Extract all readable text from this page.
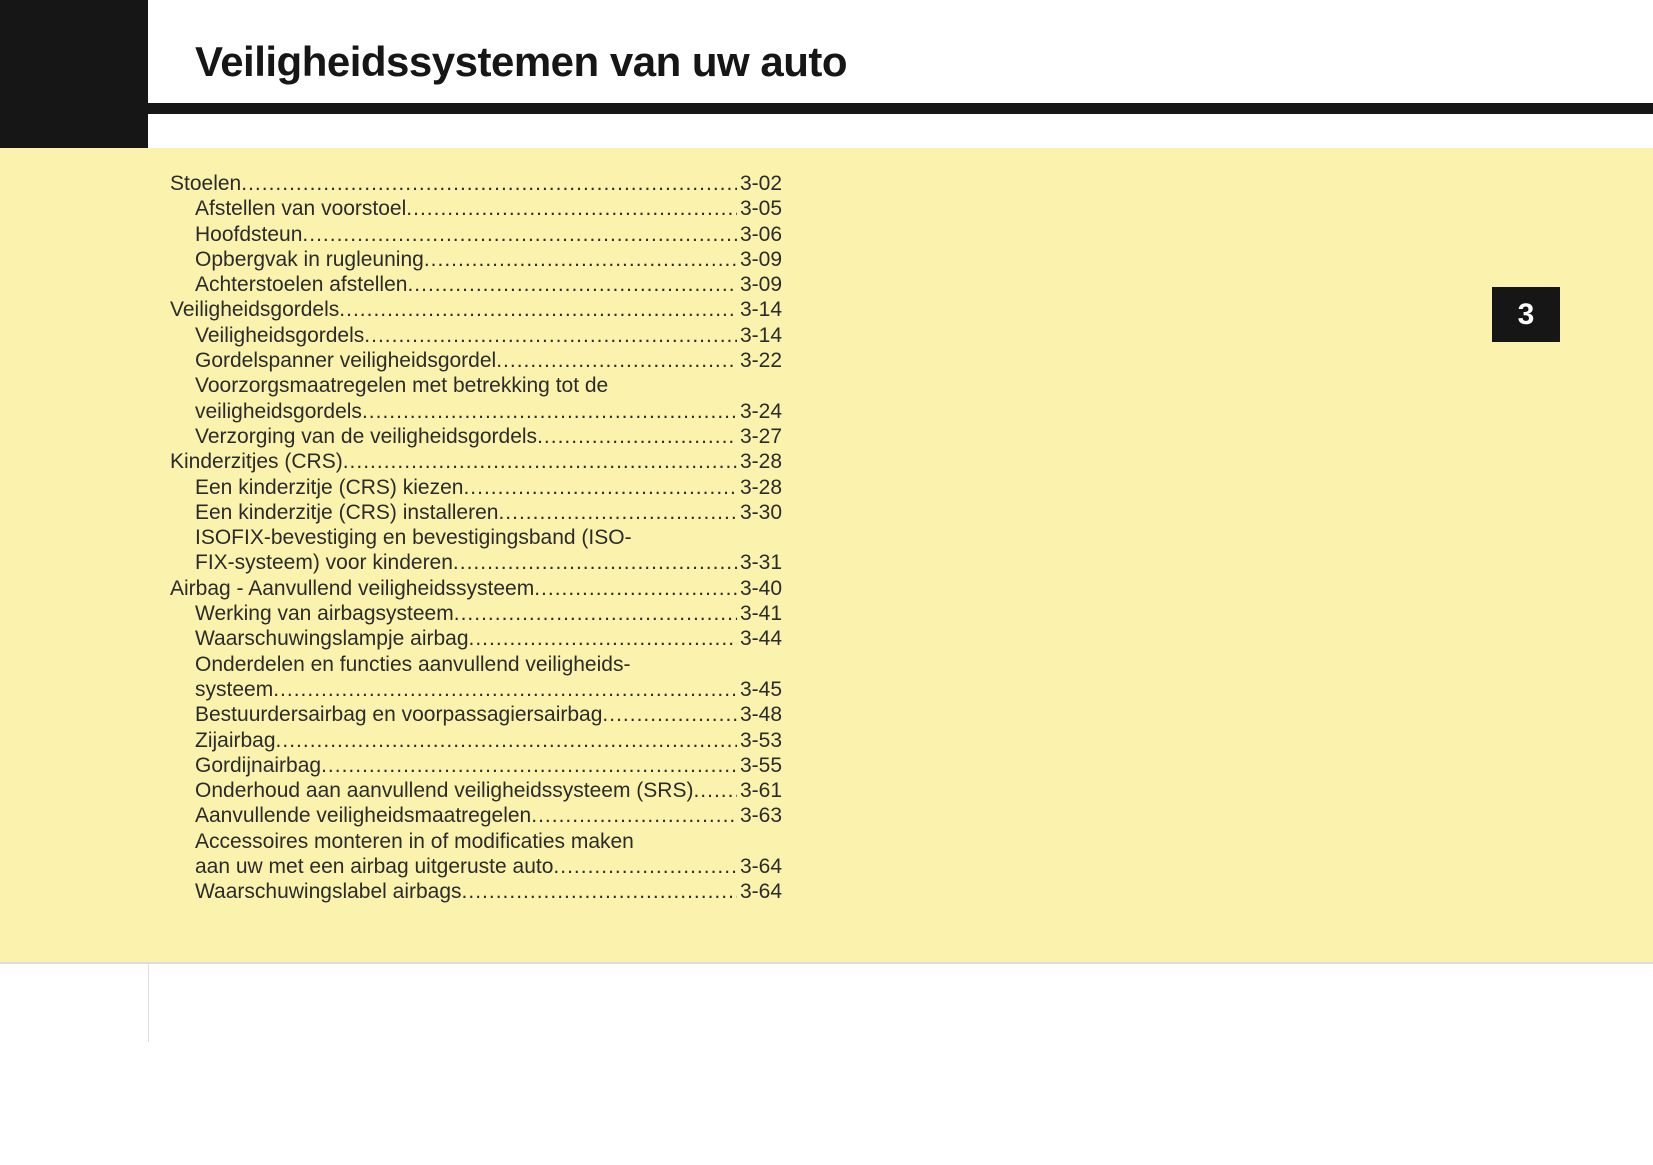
Veiligheidssystemen van uw auto
Stoelen .....	3-02
Afstellen van voorstoel .....	3-05
Hoofdsteun .....	3-06
Opbergvak in rugleuning .....	3-09
Achterstoelen afstellen .....	3-09
Veiligheidsgordels .....	3-14
Veiligheidsgordels .....	3-14
Gordelspanner veiligheidsgordel .....	3-22
Voorzorgsmaatregelen met betrekking tot de
veiligheidsgordels .....	3-24
Verzorging van de veiligheidsgordels .....	3-27
Kinderzitjes (CRS) .....	3-28
Een kinderzitje (CRS) kiezen .....	3-28
Een kinderzitje (CRS) installeren .....	3-30
ISOFIX-bevestiging en bevestigingsband (ISO-
FIX-systeem) voor kinderen .....	3-31
Airbag - Aanvullend veiligheidssysteem .....	3-40
Werking van airbagsysteem .....	3-41
Waarschuwingslampje airbag .....	3-44
Onderdelen en functies aanvullend veiligheids-
systeem .....	3-45
Bestuurdersairbag en voorpassagiersairbag .....	3-48
Zijairbag .....	3-53
Gordijnairbag .....	3-55
Onderhoud aan aanvullend veiligheidssysteem (SRS) ..... 3-61
Aanvullende veiligheidsmaatregelen .....	3-63
Accessoires monteren in of modificaties maken
aan uw met een airbag uitgeruste auto .....	3-64
Waarschuwingslabel airbags .....	3-64
3
